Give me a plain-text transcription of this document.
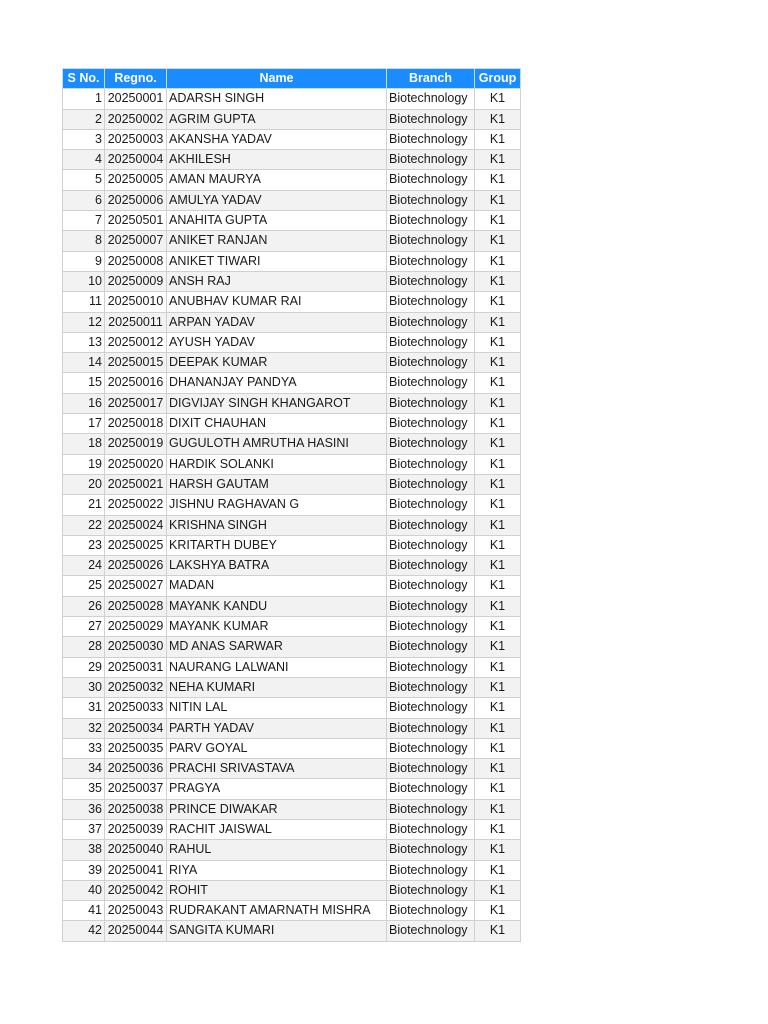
S No.	Regno.	Name	Branch	Group
1	20250001	ADARSH SINGH	Biotechnology	K1
2	20250002	AGRIM GUPTA	Biotechnology	K1
3	20250003	AKANSHA YADAV	Biotechnology	K1
4	20250004	AKHILESH	Biotechnology	K1
5	20250005	AMAN MAURYA	Biotechnology	K1
6	20250006	AMULYA YADAV	Biotechnology	K1
7	20250501	ANAHITA GUPTA	Biotechnology	K1
8	20250007	ANIKET RANJAN	Biotechnology	K1
9	20250008	ANIKET TIWARI	Biotechnology	K1
10	20250009	ANSH RAJ	Biotechnology	K1
11	20250010	ANUBHAV KUMAR RAI	Biotechnology	K1
12	20250011	ARPAN YADAV	Biotechnology	K1
13	20250012	AYUSH YADAV	Biotechnology	K1
14	20250015	DEEPAK KUMAR	Biotechnology	K1
15	20250016	DHANANJAY PANDYA	Biotechnology	K1
16	20250017	DIGVIJAY SINGH KHANGAROT	Biotechnology	K1
17	20250018	DIXIT CHAUHAN	Biotechnology	K1
18	20250019	GUGULOTH AMRUTHA HASINI	Biotechnology	K1
19	20250020	HARDIK SOLANKI	Biotechnology	K1
20	20250021	HARSH GAUTAM	Biotechnology	K1
21	20250022	JISHNU RAGHAVAN G	Biotechnology	K1
22	20250024	KRISHNA SINGH	Biotechnology	K1
23	20250025	KRITARTH DUBEY	Biotechnology	K1
24	20250026	LAKSHYA BATRA	Biotechnology	K1
25	20250027	MADAN	Biotechnology	K1
26	20250028	MAYANK KANDU	Biotechnology	K1
27	20250029	MAYANK KUMAR	Biotechnology	K1
28	20250030	MD ANAS SARWAR	Biotechnology	K1
29	20250031	NAURANG LALWANI	Biotechnology	K1
30	20250032	NEHA KUMARI	Biotechnology	K1
31	20250033	NITIN LAL	Biotechnology	K1
32	20250034	PARTH YADAV	Biotechnology	K1
33	20250035	PARV GOYAL	Biotechnology	K1
34	20250036	PRACHI SRIVASTAVA	Biotechnology	K1
35	20250037	PRAGYA	Biotechnology	K1
36	20250038	PRINCE DIWAKAR	Biotechnology	K1
37	20250039	RACHIT JAISWAL	Biotechnology	K1
38	20250040	RAHUL	Biotechnology	K1
39	20250041	RIYA	Biotechnology	K1
40	20250042	ROHIT	Biotechnology	K1
41	20250043	RUDRAKANT AMARNATH MISHRA	Biotechnology	K1
42	20250044	SANGITA KUMARI	Biotechnology	K1
